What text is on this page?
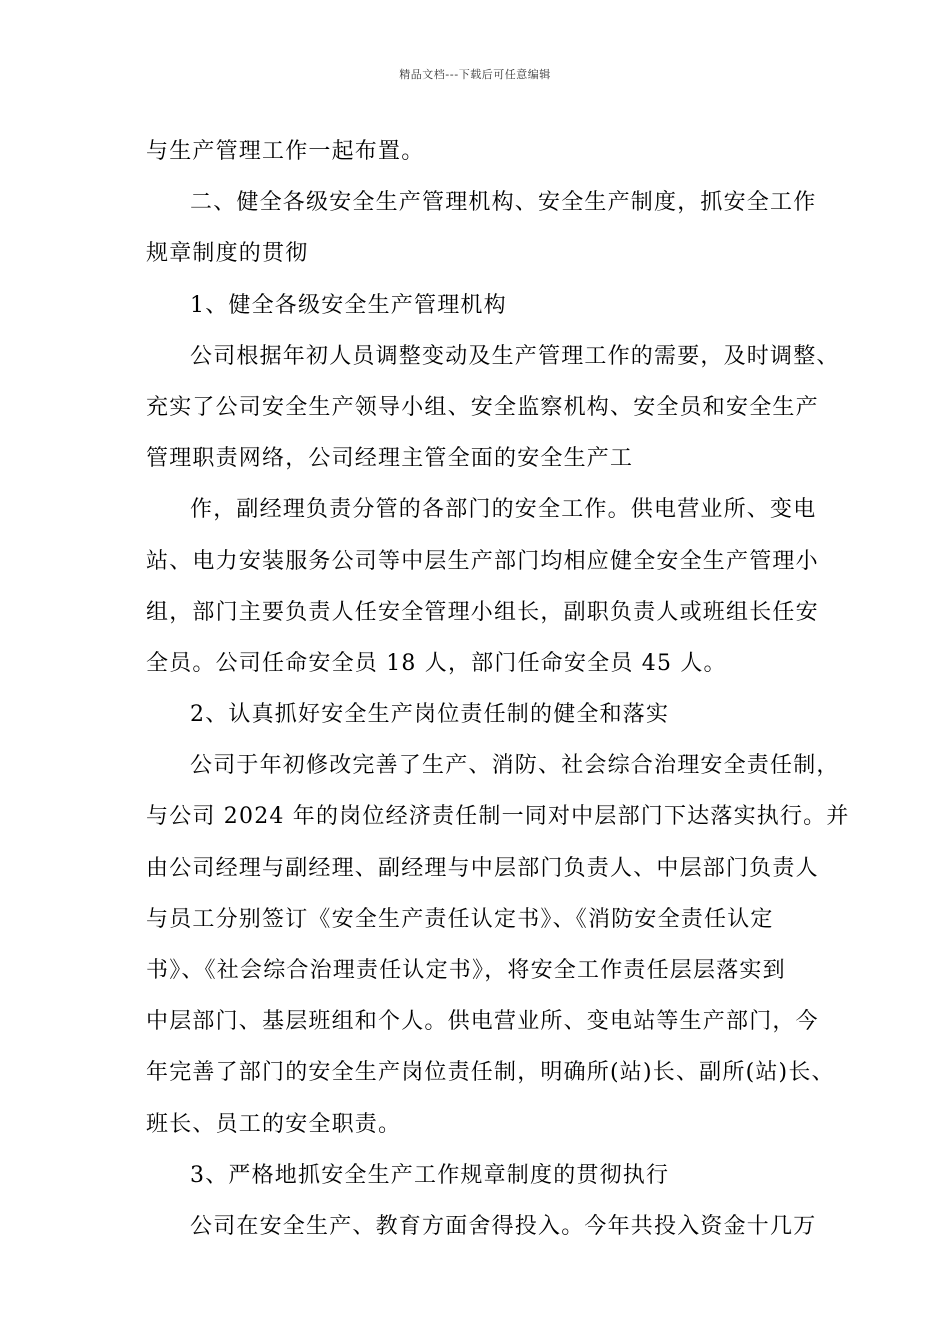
精品文档---下载后可任意编辑
与生产管理工作一起布置。
二、健全各级安全生产管理机构、安全生产制度，抓安全工作
规章制度的贯彻
1、健全各级安全生产管理机构
公司根据年初人员调整变动及生产管理工作的需要，及时调整、
充实了公司安全生产领导小组、安全监察机构、安全员和安全生产
管理职责网络，公司经理主管全面的安全生产工
作，副经理负责分管的各部门的安全工作。供电营业所、变电
站、电力安装服务公司等中层生产部门均相应健全安全生产管理小
组，部门主要负责人任安全管理小组长，副职负责人或班组长任安
全员。公司任命安全员 18 人，部门任命安全员 45 人。
2、认真抓好安全生产岗位责任制的健全和落实
公司于年初修改完善了生产、消防、社会综合治理安全责任制，
与公司 2024 年的岗位经济责任制一同对中层部门下达落实执行。并
由公司经理与副经理、副经理与中层部门负责人、中层部门负责人
与员工分别签订《安全生产责任认定书》、《消防安全责任认定
书》、《社会综合治理责任认定书》，将安全工作责任层层落实到
中层部门、基层班组和个人。供电营业所、变电站等生产部门，今
年完善了部门的安全生产岗位责任制，明确所(站)长、副所(站)长、
班长、员工的安全职责。
3、严格地抓安全生产工作规章制度的贯彻执行
公司在安全生产、教育方面舍得投入。今年共投入资金十几万
